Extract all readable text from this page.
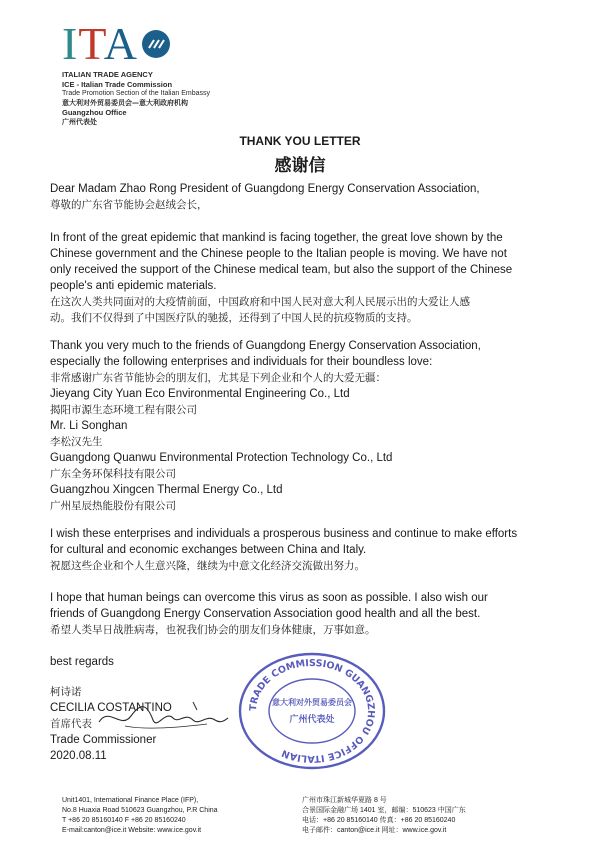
ITA
ITALIAN TRADE AGENCY
ICE - Italian Trade Commission
Trade Promotion Section of the Italian Embassy
意大利对外贸易委员会—意大利政府机构
Guangzhou Office
广州代表处
THANK YOU LETTER
感谢信
Dear Madam Zhao Rong President of Guangdong Energy Conservation Association,
尊敬的广东省节能协会赵绒会长，
In front of the great epidemic that mankind is facing together, the great love shown by the
Chinese government and the Chinese people to the Italian people is moving. We have not
only received the support of the Chinese medical team, but also the support of the Chinese
people's anti epidemic materials.
在这次人类共同面对的大疫情前面，中国政府和中国人民对意大利人民展示出的大爱让人感
动。我们不仅得到了中国医疗队的驰援，还得到了中国人民的抗疫物质的支持。
Thank you very much to the friends of Guangdong Energy Conservation Association,
especially the following enterprises and individuals for their boundless love:
非常感谢广东省节能协会的朋友们，尤其是下列企业和个人的大爱无疆：
Jieyang City Yuan Eco Environmental Engineering Co., Ltd
揭阳市源生态环境工程有限公司
Mr. Li Songhan
李松汉先生
Guangdong Quanwu Environmental Protection Technology Co., Ltd
广东全务环保科技有限公司
Guangzhou Xingcen Thermal Energy Co., Ltd
广州星辰热能股份有限公司
I wish these enterprises and individuals a prosperous business and continue to make efforts
for cultural and economic exchanges between China and Italy.
祝愿这些企业和个人生意兴隆，继续为中意文化经济交流做出努力。
I hope that human beings can overcome this virus as soon as possible. I also wish our
friends of Guangdong Energy Conservation Association good health and all the best.
希望人类早日战胜病毒，也祝我们协会的朋友们身体健康，万事如意。
best regards
柯诗诺
CECILIA COSTANTINO
首席代表
Trade Commissioner
2020.08.11
TRADE COMMISSION GUANGZHOU OFFICE ITALIAN
意大利对外贸易委员会
广州代表处
Unit1401, International Finance Place (IFP),
No.8 Huaxia Road 510623 Guangzhou, P.R China
T +86 20 85160140 F +86 20 85160240
E-mail:canton@ice.it Website: www.ice.gov.it
广州市珠江新城华夏路 8 号
合景国际金融广场 1401 室，邮编：510623 中国广东
电话：+86 20 85160140 传真：+86 20 85160240
电子邮件：canton@ice.it 网址：www.ice.gov.it
